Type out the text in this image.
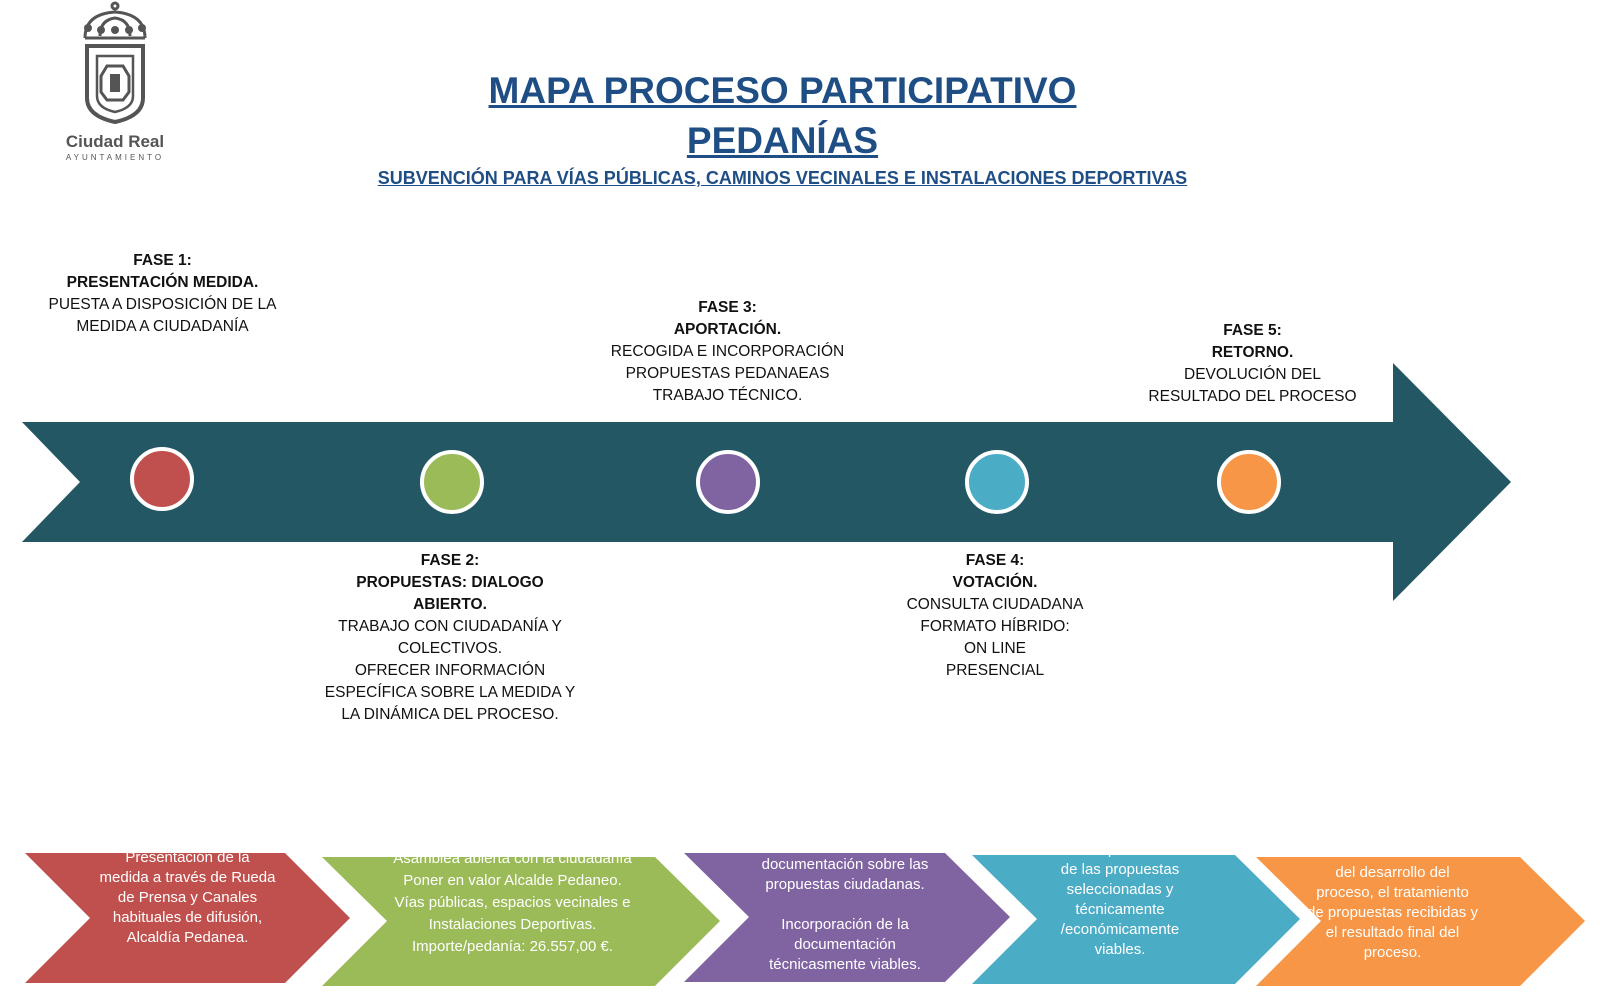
Ciudad Real
AYUNTAMIENTO
MAPA PROCESO PARTICIPATIVO
PEDANÍAS
SUBVENCIÓN PARA VÍAS PÚBLICAS, CAMINOS VECINALES E INSTALACIONES DEPORTIVAS
FASE 1:
PRESENTACIÓN MEDIDA.
PUESTA A DISPOSICIÓN DE LA
MEDIDA A CIUDADANÍA
FASE 2:
PROPUESTAS: DIALOGO
ABIERTO.
TRABAJO CON CIUDADANÍA Y
COLECTIVOS.
OFRECER INFORMACIÓN
ESPECÍFICA SOBRE LA MEDIDA Y
LA DINÁMICA DEL PROCESO.
FASE 3:
APORTACIÓN.
RECOGIDA E INCORPORACIÓN
PROPUESTAS PEDANAEAS
TRABAJO TÉCNICO.
FASE 4:
VOTACIÓN.
CONSULTA CIUDADANA
FORMATO HÍBRIDO:
ON LINE
PRESENCIAL
FASE 5:
RETORNO.
DEVOLUCIÓN DEL
RESULTADO DEL PROCESO
Presentación de la
medida a través de Rueda
de Prensa y Canales
habituales de difusión,
Alcaldía Pedanea.
Asamblea abierta con la ciudadanía
Poner en valor Alcalde Pedaneo.
Vías públicas, espacios vecinales e
Instalaciones Deportivas.
Importe/pedanía: 26.557,00 €.
Recopilación de la
documentación sobre las
propuestas ciudadanas.

Incorporación de la
documentación
técnicasmente viables.
Jornadas para votación
de las propuestas
seleccionadas y
técnicamente
/económicamente
viables.
Informar a la ciudadanía
del desarrollo del
proceso, el tratamiento
de propuestas recibidas y
el resultado final del
proceso.
